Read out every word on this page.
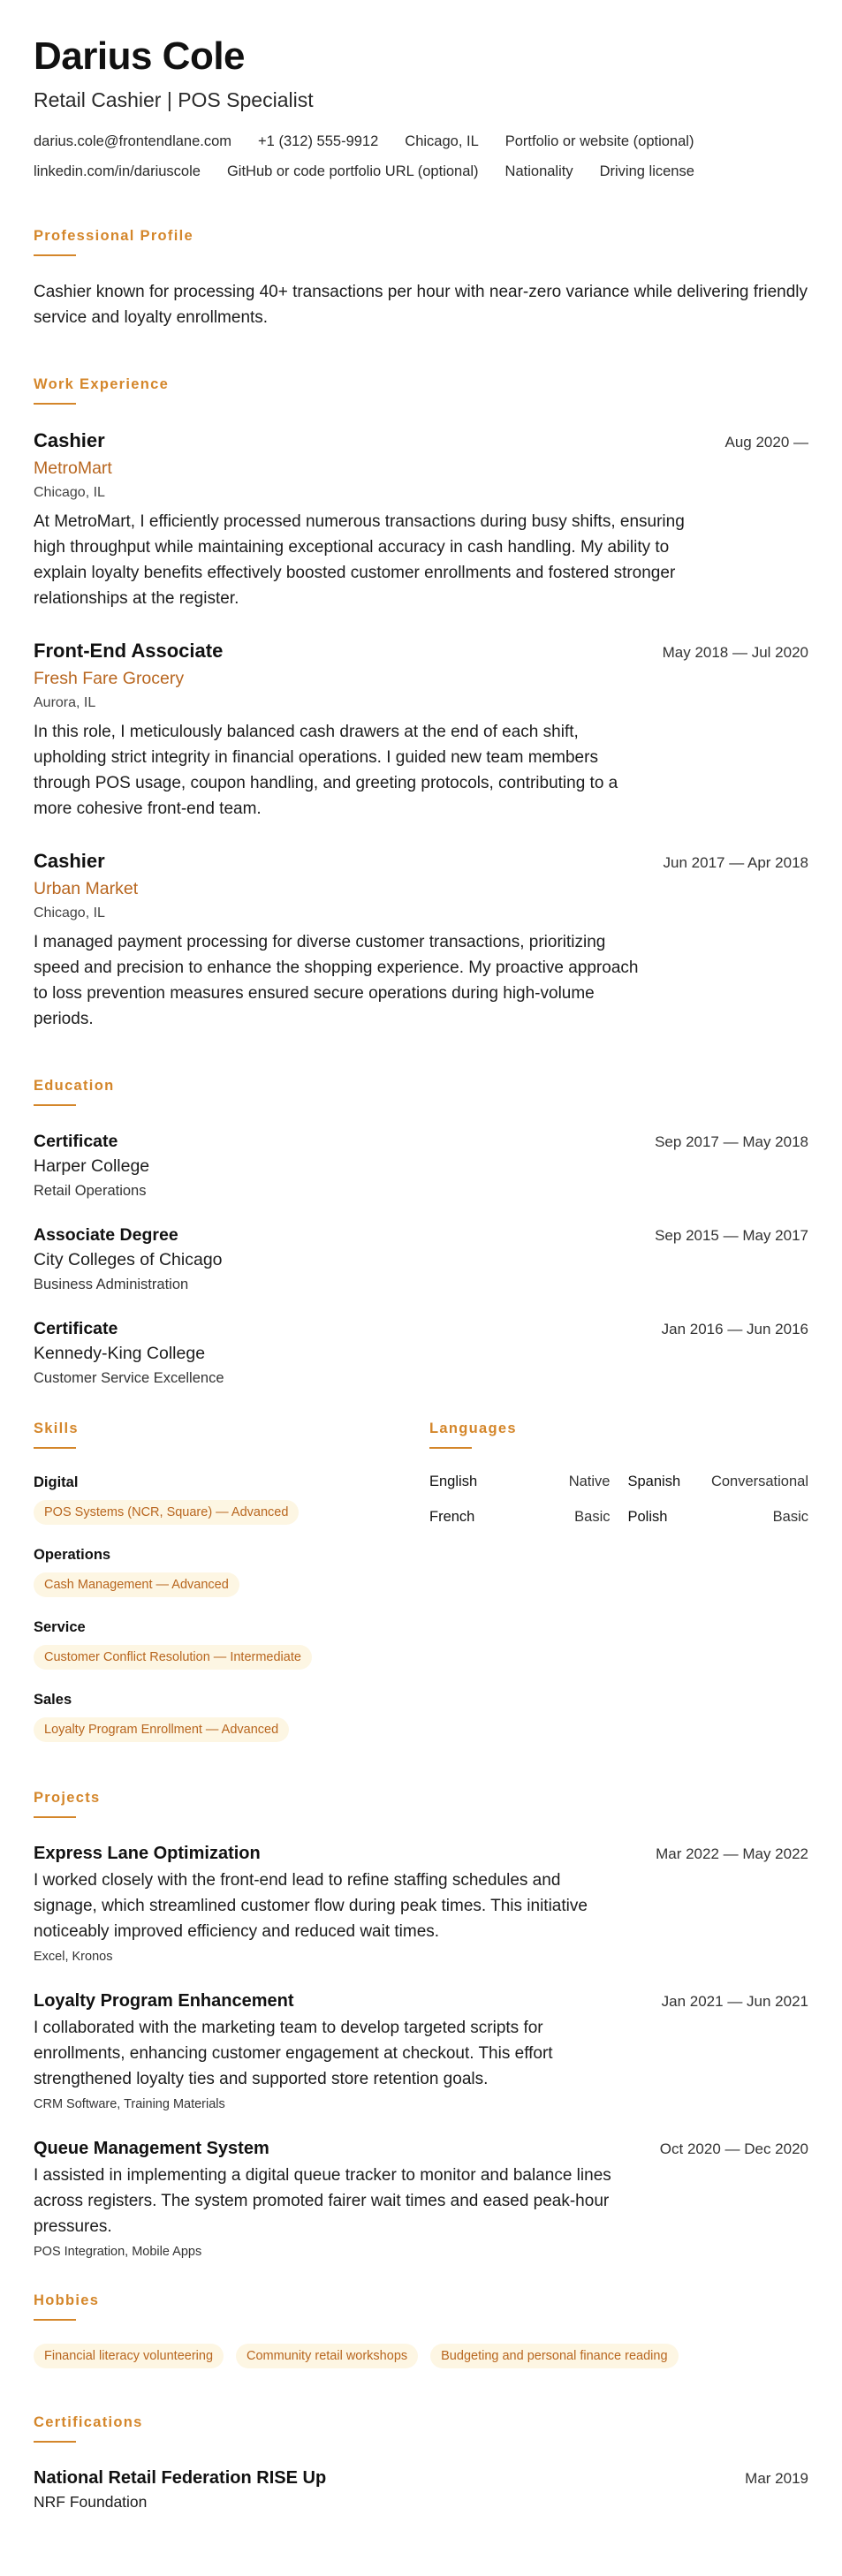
Darius Cole
Retail Cashier | POS Specialist
darius.cole@frontendlane.com +1 (312) 555-9912 Chicago, IL Portfolio or website (optional)
linkedin.com/in/dariuscole GitHub or code portfolio URL (optional) Nationality Driving license
Professional Profile
Cashier known for processing 40+ transactions per hour with near-zero variance while delivering friendly service and loyalty enrollments.
Work Experience
Cashier	Aug 2020 —
MetroMart
Chicago, IL
At MetroMart, I efficiently processed numerous transactions during busy shifts, ensuring high throughput while maintaining exceptional accuracy in cash handling. My ability to explain loyalty benefits effectively boosted customer enrollments and fostered stronger relationships at the register.
Front-End Associate	May 2018 — Jul 2020
Fresh Fare Grocery
Aurora, IL
In this role, I meticulously balanced cash drawers at the end of each shift, upholding strict integrity in financial operations. I guided new team members through POS usage, coupon handling, and greeting protocols, contributing to a more cohesive front-end team.
Cashier	Jun 2017 — Apr 2018
Urban Market
Chicago, IL
I managed payment processing for diverse customer transactions, prioritizing speed and precision to enhance the shopping experience. My proactive approach to loss prevention measures ensured secure operations during high-volume periods.
Education
Certificate	Sep 2017 — May 2018
Harper College
Retail Operations
Associate Degree	Sep 2015 — May 2017
City Colleges of Chicago
Business Administration
Certificate	Jan 2016 — Jun 2016
Kennedy-King College
Customer Service Excellence
Skills
Digital
POS Systems (NCR, Square) — Advanced
Operations
Cash Management — Advanced
Service
Customer Conflict Resolution — Intermediate
Sales
Loyalty Program Enrollment — Advanced
Languages
English	Native Spanish Conversational
French	Basic Polish	Basic
Projects
Express Lane Optimization	Mar 2022 — May 2022
I worked closely with the front-end lead to refine staffing schedules and signage, which streamlined customer flow during peak times. This initiative noticeably improved efficiency and reduced wait times.
Excel, Kronos
Loyalty Program Enhancement	Jan 2021 — Jun 2021
I collaborated with the marketing team to develop targeted scripts for enrollments, enhancing customer engagement at checkout. This effort strengthened loyalty ties and supported store retention goals.
CRM Software, Training Materials
Queue Management System	Oct 2020 — Dec 2020
I assisted in implementing a digital queue tracker to monitor and balance lines across registers. The system promoted fairer wait times and eased peak-hour pressures.
POS Integration, Mobile Apps
Hobbies
Financial literacy volunteering	Community retail workshops	Budgeting and personal finance reading
Certifications
National Retail Federation RISE Up	Mar 2019
NRF Foundation
